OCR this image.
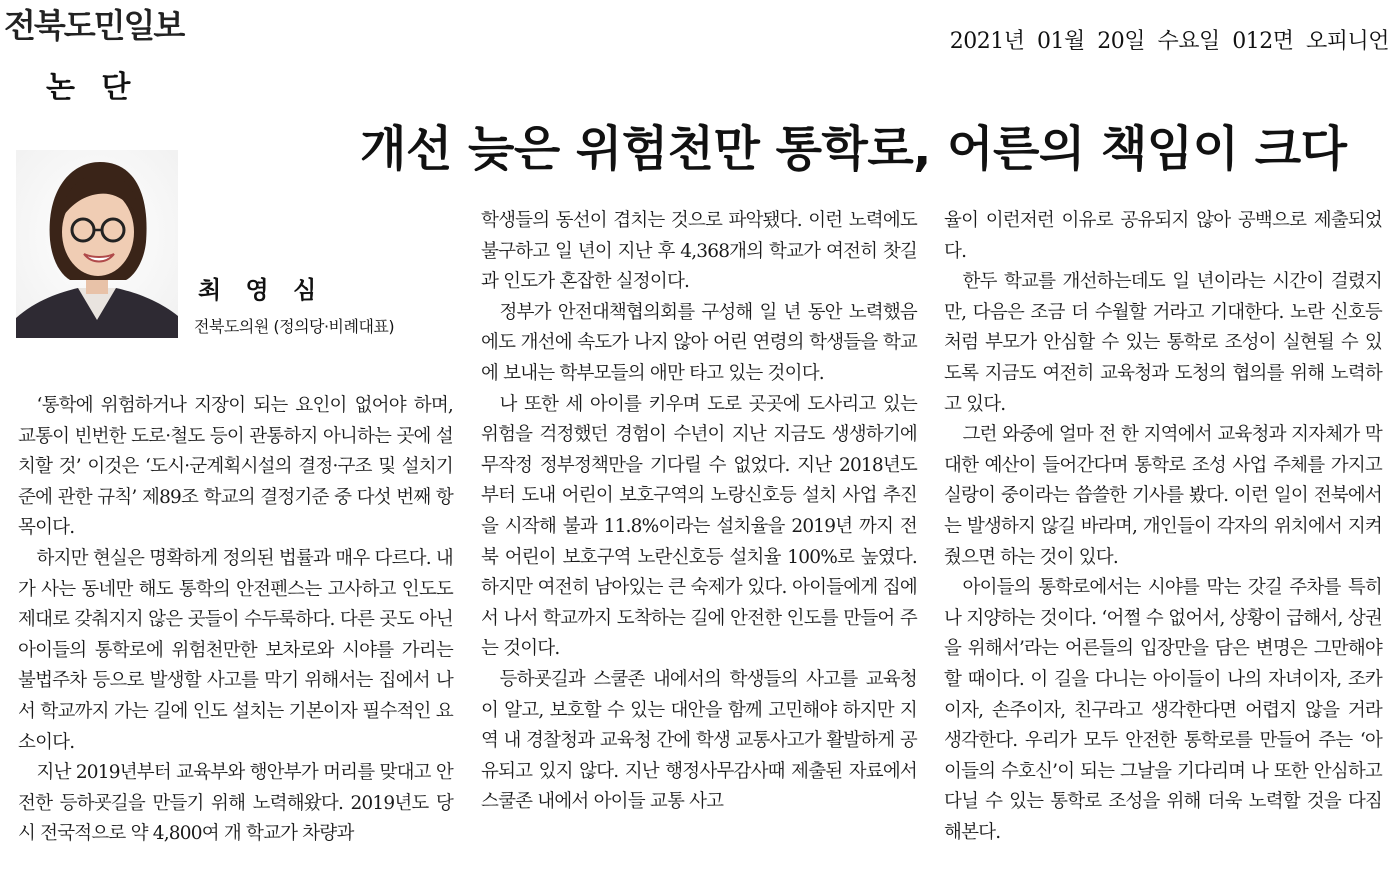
전북도민일보	2021년 01월 20일 수요일 012면 오피니언
논 단
개선 늦은 위험천만 통학로, 어른의 책임이 크다
최 영 심
전북도의원 (정의당·비례대표)

‘통학에 위험하거나 지장이 되는 요인이 없어야 하며, 교통이 빈번한 도로·철도 등이 관통하지 아니하는 곳에 설치할 것’ 이것은 ‘도시·군계획시설의 결정·구조 및 설치기준에 관한 규칙’ 제89조 학교의 결정기준 중 다섯 번째 항목이다.

하지만 현실은 명확하게 정의된 법률과 매우 다르다. 내가 사는 동네만 해도 통학의 안전펜스는 고사하고 인도도 제대로 갖춰지지 않은 곳들이 수두룩하다. 다른 곳도 아닌 아이들의 통학로에 위험천만한 보차로와 시야를 가리는 불법주차 등으로 발생할 사고를 막기 위해서는 집에서 나서 학교까지 가는 길에 인도 설치는 기본이자 필수적인 요소이다.

지난 2019년부터 교육부와 행안부가 머리를 맞대고 안전한 등하굣길을 만들기 위해 노력해왔다. 2019년도 당시 전국적으로 약 4,800여 개 학교가 차량과

학생들의 동선이 겹치는 것으로 파악됐다. 이런 노력에도 불구하고 일 년이 지난 후 4,368개의 학교가 여전히 찻길과 인도가 혼잡한 실정이다.

정부가 안전대책협의회를 구성해 일 년 동안 노력했음에도 개선에 속도가 나지 않아 어린 연령의 학생들을 학교에 보내는 학부모들의 애만 타고 있는 것이다.

나 또한 세 아이를 키우며 도로 곳곳에 도사리고 있는 위험을 걱정했던 경험이 수년이 지난 지금도 생생하기에 무작정 정부정책만을 기다릴 수 없었다. 지난 2018년도부터 도내 어린이 보호구역의 노랑신호등 설치 사업 추진을 시작해 불과 11.8%이라는 설치율을 2019년 까지 전북 어린이 보호구역 노란신호등 설치율 100%로 높였다. 하지만 여전히 남아있는 큰 숙제가 있다. 아이들에게 집에서 나서 학교까지 도착하는 길에 안전한 인도를 만들어 주는 것이다.

등하굣길과 스쿨존 내에서의 학생들의 사고를 교육청이 알고, 보호할 수 있는 대안을 함께 고민해야 하지만 지역 내 경찰청과 교육청 간에 학생 교통사고가 활발하게 공유되고 있지 않다. 지난 행정사무감사때 제출된 자료에서 스쿨존 내에서 아이들 교통 사고

율이 이런저런 이유로 공유되지 않아 공백으로 제출되었다.

한두 학교를 개선하는데도 일 년이라는 시간이 걸렸지만, 다음은 조금 더 수월할 거라고 기대한다. 노란 신호등처럼 부모가 안심할 수 있는 통학로 조성이 실현될 수 있도록 지금도 여전히 교육청과 도청의 협의를 위해 노력하고 있다.

그런 와중에 얼마 전 한 지역에서 교육청과 지자체가 막대한 예산이 들어간다며 통학로 조성 사업 주체를 가지고 실랑이 중이라는 씁쓸한 기사를 봤다. 이런 일이 전북에서는 발생하지 않길 바라며, 개인들이 각자의 위치에서 지켜줬으면 하는 것이 있다.

아이들의 통학로에서는 시야를 막는 갓길 주차를 특히나 지양하는 것이다. ‘어쩔 수 없어서, 상황이 급해서, 상권을 위해서’라는 어른들의 입장만을 담은 변명은 그만해야 할 때이다. 이 길을 다니는 아이들이 나의 자녀이자, 조카이자, 손주이자, 친구라고 생각한다면 어렵지 않을 거라 생각한다. 우리가 모두 안전한 통학로를 만들어 주는 ‘아이들의 수호신’이 되는 그날을 기다리며 나 또한 안심하고 다닐 수 있는 통학로 조성을 위해 더욱 노력할 것을 다짐해본다.
